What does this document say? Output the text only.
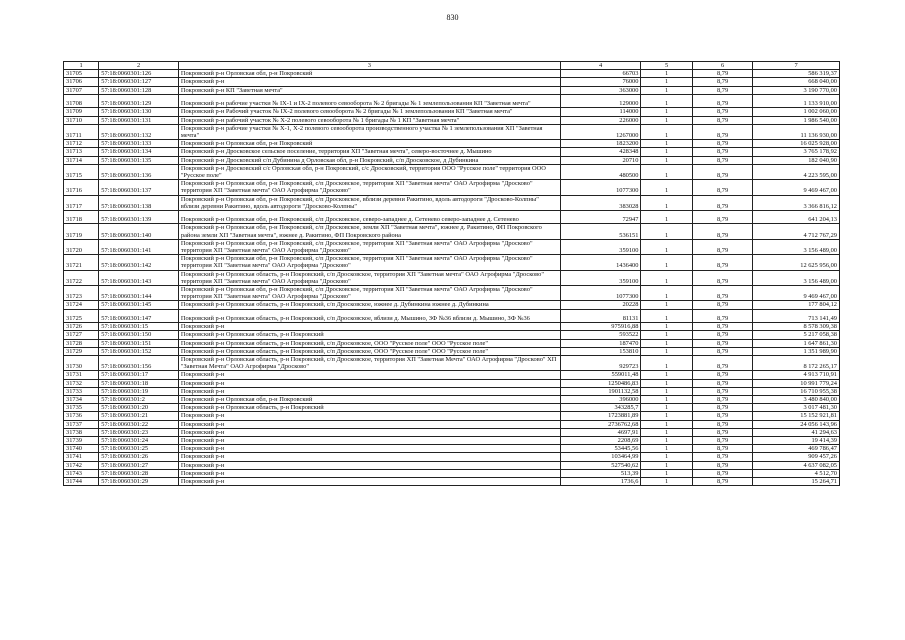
830
1	2	3	4	5	6	7
31705	57:18:0060301:126	Покровский р-н Орловская обл, р-н Покровский	66703	1	8,79	586 319,37
31706	57:18:0060301:127	Покровский р-н	76000	1	8,79	668 040,00
31707	57:18:0060301:128	Покровский р-н КП "Заветная мечта"	363000	1	8,79	3 190 770,00
31708	57:18:0060301:129	Покровский р-н рабочие участки № IX-1 и IX-2 полевого севооборота № 2 бригады № 1 землепользования КП "Заветная мечта"	129000	1	8,79	1 133 910,00
31709	57:18:0060301:130	Покровский р-н Рабочий участок № IX-2 полевого севооборота № 2 бригады № 1 землепользования КП "Заветная мечта"	114000	1	8,79	1 002 060,00
31710	57:18:0060301:131	Покровский р-н рабочий участок № Х-2 полевого севооборота № 1 бригады № 1 КП "Заветная мечта"	226000	1	8,79	1 986 540,00
31711	57:18:0060301:132	Покровский р-н рабочие участки № Х-1, Х-2 полевого севооборота производственного участка № 1 землепользования ХП "Заветная мечта"	1267000	1	8,79	11 136 930,00
31712	57:18:0060301:133	Покровский р-н Орловская обл, р-н Покровский	1823200	1	8,79	16 025 928,00
31713	57:18:0060301:134	Покровский р-н Дросковское сельское поселение, территория ХП "Заветная мечта", северо-восточнее д. Мышино	428348	1	8,79	3 765 178,92
31714	57:18:0060301:135	Покровский р-н Дросковский с/п Дубинина д Орловская обл, р-н Покровский, с/п Дросковское, д Дубинкина	20710	1	8,79	182 040,90
31715	57:18:0060301:136	Покровский р-н Дросковский с/с Орловская обл, р-н Покровский, с/с Дросковский, территория ООО "Русское поле" территория ООО "Русское поле"	480500	1	8,79	4 223 595,00
31716	57:18:0060301:137	Покровский р-н Орловская обл, р-н Покровский, с/п Дросковское, территория ХП "Заветная мечта" ОАО Агрофирма "Дросково" территория ХП "Заветная мечта" ОАО Агрофирма "Дросково"	1077300	1	8,79	9 469 467,00
31717	57:18:0060301:138	Покровский р-н Орловская обл, р-н Покровский, с/п Дросковское, вблизи деревни Ракитино, вдоль автодороги "Дросково-Колпны" вблизи деревни Ракитино, вдоль автодороги "Дросково-Колпны"	383028	1	8,79	3 366 816,12
31718	57:18:0060301:139	Покровский р-н Орловская обл, р-н Покровский, с/п Дросковское, северо-западнее д. Сетенево северо-западнее д. Сетенево	72947	1	8,79	641 204,13
31719	57:18:0060301:140	Покровский р-н Орловская обл, р-н Покровский, с/п Дросковское, земли ХП "Заветная мечта", южнее д. Ракитино, ФП Покровского района земли ХП "Заветная мечта", южнее д. Ракитино, ФП Покровского района	536151	1	8,79	4 712 767,29
31720	57:18:0060301:141	Покровский р-н Орловская обл, р-н Покровский, с/п Дросковское, территория ХП "Заветная мечта" ОАО Агрофирма "Дросково" территория ХП "Заветная мечта" ОАО Агрофирма "Дросково"	359100	1	8,79	3 156 489,00
31721	57:18:0060301:142	Покровский р-н Орловская обл, р-н Покровский, с/п Дросковское, территория ХП "Заветная мечта" ОАО Агрофирма "Дросково" территория ХП "Заветная мечта" ОАО Агрофирма "Дросково"	1436400	1	8,79	12 625 956,00
31722	57:18:0060301:143	Покровский р-н Орловская область, р-н Покровский, с/п Дросковское, территория ХП "Заветная мечта" ОАО Агрофирма "Дросково" территория ХП "Заветная мечта" ОАО Агрофирма "Дросково"	359100	1	8,79	3 156 489,00
31723	57:18:0060301:144	Покровский р-н Орловская обл, р-н Покровский, с/п Дросковское, территория ХП "Заветная мечта" ОАО Агрофирма "Дросково" территория ХП "Заветная мечта" ОАО Агрофирма "Дросково"	1077300	1	8,79	9 469 467,00
31724	57:18:0060301:145	Покровский р-н Орловская область, р-н Покровский, с/п Дросковское, южнее д. Дубинкина южнее д. Дубинкина	20228	1	8,79	177 804,12
31725	57:18:0060301:147	Покровский р-н Орловская область, р-н Покровский, с/п Дросковское, вблизи д. Мышино, ЗФ №36 вблизи д. Мышино, ЗФ №36	81131	1	8,79	713 141,49
31726	57:18:0060301:15	Покровский р-н	975916,88	1	8,79	8 578 309,38
31727	57:18:0060301:150	Покровский р-н Орловская область, р-н Покровский	593522	1	8,79	5 217 058,38
31728	57:18:0060301:151	Покровский р-н Орловская область, р-н Покровский, с/п Дросковское, ООО "Русское поле" ООО "Русское поле"	187470	1	8,79	1 647 861,30
31729	57:18:0060301:152	Покровский р-н Орловская область, р-н Покровский, с/п Дросковское, ООО "Русское поле" ООО "Русское поле"	153810	1	8,79	1 351 989,90
31730	57:18:0060301:156	Покровский р-н Орловская область, р-н Покровский, с/п Дросковское, территория ХП "Заветная Мечта" ОАО Агрофирма "Дросково" ХП "Заветная Мечта" ОАО Агрофирма "Дросково"	929723	1	8,79	8 172 265,17
31731	57:18:0060301:17	Покровский р-н	559011,48	1	8,79	4 913 710,91
31732	57:18:0060301:18	Покровский р-н	1250486,83	1	8,79	10 991 779,24
31733	57:18:0060301:19	Покровский р-н	1901132,58	1	8,79	16 710 955,38
31734	57:18:0060301:2	Покровский р-н Орловская обл, р-н Покровский	396000	1	8,79	3 480 840,00
31735	57:18:0060301:20	Покровский р-н Орловская область, р-н Покровский	343285,7	1	8,79	3 017 481,30
31736	57:18:0060301:21	Покровский р-н	1723881,89	1	8,79	15 152 921,81
31737	57:18:0060301:22	Покровский р-н	2736762,68	1	8,79	24 056 143,96
31738	57:18:0060301:23	Покровский р-н	4697,91	1	8,79	41 294,63
31739	57:18:0060301:24	Покровский р-н	2208,69	1	8,79	19 414,39
31740	57:18:0060301:25	Покровский р-н	53445,56	1	8,79	469 786,47
31741	57:18:0060301:26	Покровский р-н	103464,99	1	8,79	909 457,26
31742	57:18:0060301:27	Покровский р-н	527540,62	1	8,79	4 637 082,05
31743	57:18:0060301:28	Покровский р-н	513,39	1	8,79	4 512,70
31744	57:18:0060301:29	Покровский р-н	1736,6	1	8,79	15 264,71
